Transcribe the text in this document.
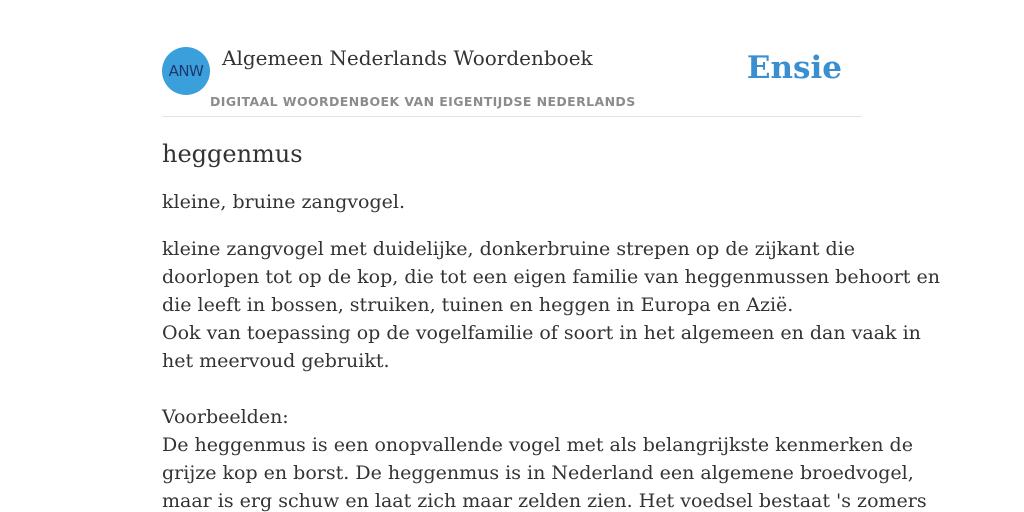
ANW
Algemeen Nederlands Woordenboek
DIGITAAL WOORDENBOEK VAN EIGENTIJDSE NEDERLANDS
Ensie
heggenmus

kleine, bruine zangvogel.

kleine zangvogel met duidelijke, donkerbruine strepen op de zijkant die
doorlopen tot op de kop, die tot een eigen familie van heggenmussen behoort en
die leeft in bossen, struiken, tuinen en heggen in Europa en Azië.
Ook van toepassing op de vogelfamilie of soort in het algemeen en dan vaak in
het meervoud gebruikt.
Voorbeelden:
De heggenmus is een onopvallende vogel met als belangrijkste kenmerken de
grijze kop en borst. De heggenmus is in Nederland een algemene broedvogel,
maar is erg schuw en laat zich maar zelden zien. Het voedsel bestaat 's zomers
